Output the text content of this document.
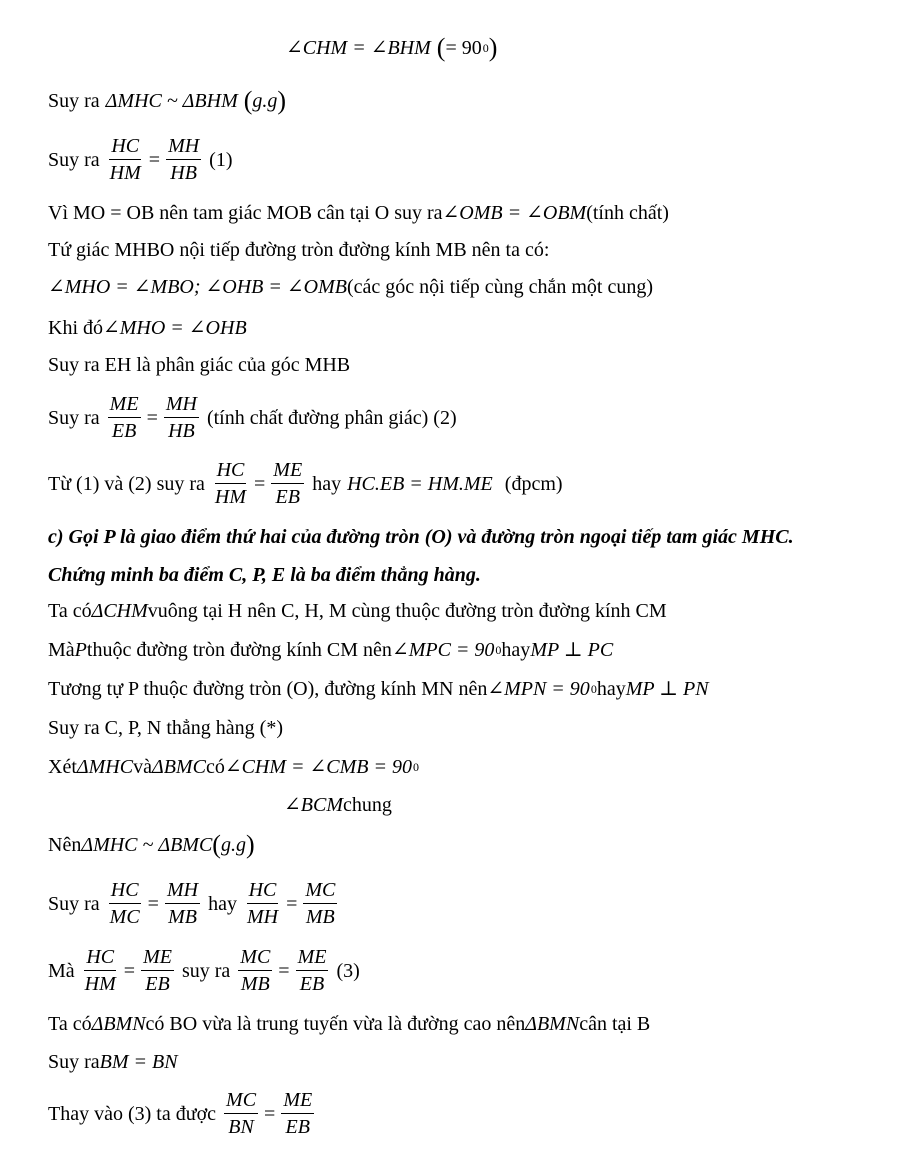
∠CHM = ∠BHM ( = 90 0 )
Suy ra ΔMHC ~ ΔBHM ( g.g )
Suy ra $\frac{HC}{HM} = \frac{MH}{HB} (1)$
Vì MO = OB nên tam giác MOB cân tại O suy ra ∠OMB = ∠OBM (tính chất)
Tứ giác MHBO nội tiếp đường tròn đường kính MB nên ta có:
∠MHO = ∠MBO; ∠OHB = ∠OMB (các góc nội tiếp cùng chắn một cung)
Khi đó ∠MHO = ∠OHB
Suy ra EH là phân giác của góc MHB
Suy ra $\frac{ME}{EB} = \frac{MH}{HB}$ (tính chất đường phân giác) (2)
Từ (1) và (2) suy ra $\frac{HC}{HM} = \frac{ME}{EB}$ hay HC.EB = HM.ME (đpcm)
c) Gọi P là giao điểm thứ hai của đường tròn (O) và đường tròn ngoại tiếp tam giác MHC.
Chứng minh ba điểm C, P, E là ba điểm thẳng hàng.
Ta có ΔCHM vuông tại H nên C, H, M cùng thuộc đường tròn đường kính CM
Mà P thuộc đường tròn đường kính CM nên ∠MPC = 90 0 hay MP ⊥ PC
Tương tự P thuộc đường tròn (O), đường kính MN nên ∠MPN = 90 0 hay MP ⊥ PN
Suy ra C, P, N thẳng hàng (*)
Xét ΔMHC và ΔBMC có ∠CHM = ∠CMB = 90 0
∠BCM chung
Nên ΔMHC ~ ΔBMC ( g.g )
Suy ra $\frac{HC}{MC} = \frac{MH}{MB}$ hay $\frac{HC}{MH} = \frac{MC}{MB}$
Mà $\frac{HC}{HM} = \frac{ME}{EB}$ suy ra $\frac{MC}{MB} = \frac{ME}{EB} (3)$
Ta có ΔBMN có BO vừa là trung tuyến vừa là đường cao nên ΔBMN cân tại B
Suy ra BM = BN
Thay vào (3) ta được $\frac{MC}{BN} = \frac{ME}{EB}$
